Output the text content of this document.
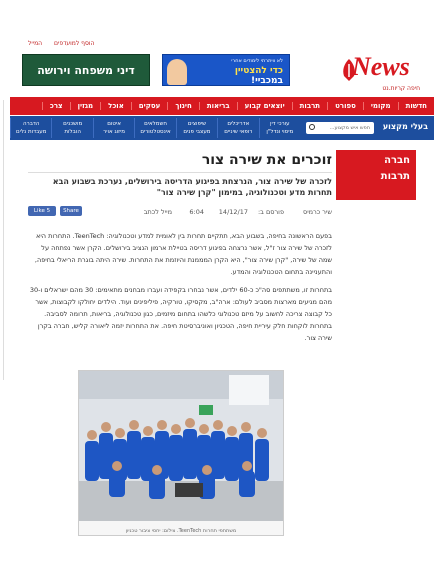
הוסף למועדפים המייל
דיני משפחה וירושה
לא וויתרתי לימודים אחרי
כדי להצטיין
במכביי!	News
חיפה קריות.נט
חדשות
מקומי
ספורט
תרבות
יוצאים קבוע
בריאות
חינוך
עסקים
אוכל
מגזין
צרכ
בעלי מקצוע
חפש איש מקצוע...
עורכי דין
מיסוי ונדל"ן
אדריכלים
רופאי שיניים
שיפוצים
מעצבי פנים
חשמלאים
אינסטלטורים
איטום
מיזוג אויר
מושכנים
הובלות
הדברה
מעבדות נלים
חברה
תרבות
זוכרים את שירה צור
לזכרה של שירה צור, הנרצחת בפיגוע הדריסה בירושלים, נערכת בשבוע הבא תחרות מדע וטכנולוגיה, במימון "קרן שירה צור"
שיר כרמיס
פורסם ב:
14/12/17
6:04
מייל לכתב
Like 5	Share

בפעם הראשונה בחיפה, בשבוע הבא, תתקיים תחרות בין לאומית למדע וטכנולוגיה: TeenTech. התחרות היא לזכרה של שירה צור ז"ל, אשר נרצחה בפיגוע דריסה בטיילת ארמון הנציב בירושלים. הקרן אשר נפתחה על שמה של שירה, "קרן שירה צור", היא הקרן המממנת והיוזמת את התחרות. שירה היתה בוגרת הריאלי בחיפה, והתעניינה בתחום הטכנולוגיה והמדע.

בתחרות זו, משתתפים סה"כ כ-60 ילדים, אשר נבחרו בקפידה ועברו מבחנים מתאימים: 30 מהם ישראלים ו-30 מהם מגיעים מארצות מסביב לעולם: ארה"ב, מקסיקו, טורקיה, פיליפינים ועוד. הילדים יחולקו לקבוצות, אשר כל קבוצה צריכה לחשוב על מיזם טכנולוגי כלשהו בתחום מיזמים, כגון טכנולוגיה, בריאות, תרומה לסביבה. בתחרות לוקחות חלק עיריית חיפה, הטכניון ואוניברסיטת חיפה. את התחרות יזמה ליאורה קליש, חברה בקרן שירה צור.

משתתפי תחרות TeenTech. צילום: יחסי ציבור טכניון
